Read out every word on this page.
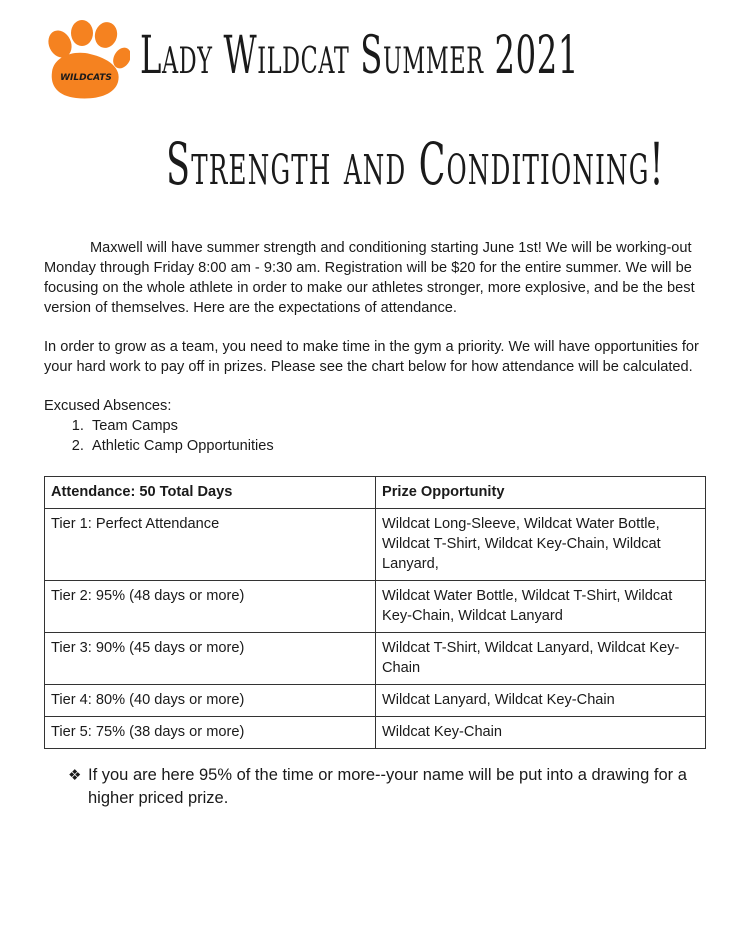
WILDCATS Lady Wildcat Summer 2021
Strength and Conditioning!

Maxwell will have summer strength and conditioning starting June 1st! We will be working-out Monday through Friday 8:00 am - 9:30 am. Registration will be $20 for the entire summer. We will be focusing on the whole athlete in order to make our athletes stronger, more explosive, and be the best version of themselves. Here are the expectations of attendance.

In order to grow as a team, you need to make time in the gym a priority. We will have opportunities for your hard work to pay off in prizes. Please see the chart below for how attendance will be calculated.

Excused Absences:
1. Team Camps
2. Athletic Camp Opportunities
Attendance: 50 Total Days	Prize Opportunity
Tier 1: Perfect Attendance	Wildcat Long-Sleeve, Wildcat Water Bottle, Wildcat T-Shirt, Wildcat Key-Chain, Wildcat Lanyard,
Tier 2: 95% (48 days or more)	Wildcat Water Bottle, Wildcat T-Shirt, Wildcat Key-Chain, Wildcat Lanyard
Tier 3: 90% (45 days or more)	Wildcat T-Shirt, Wildcat Lanyard, Wildcat Key-Chain
Tier 4: 80% (40 days or more)	Wildcat Lanyard, Wildcat Key-Chain
Tier 5: 75% (38 days or more)	Wildcat Key-Chain
❖ If you are here 95% of the time or more--your name will be put into a drawing for a higher priced prize.
